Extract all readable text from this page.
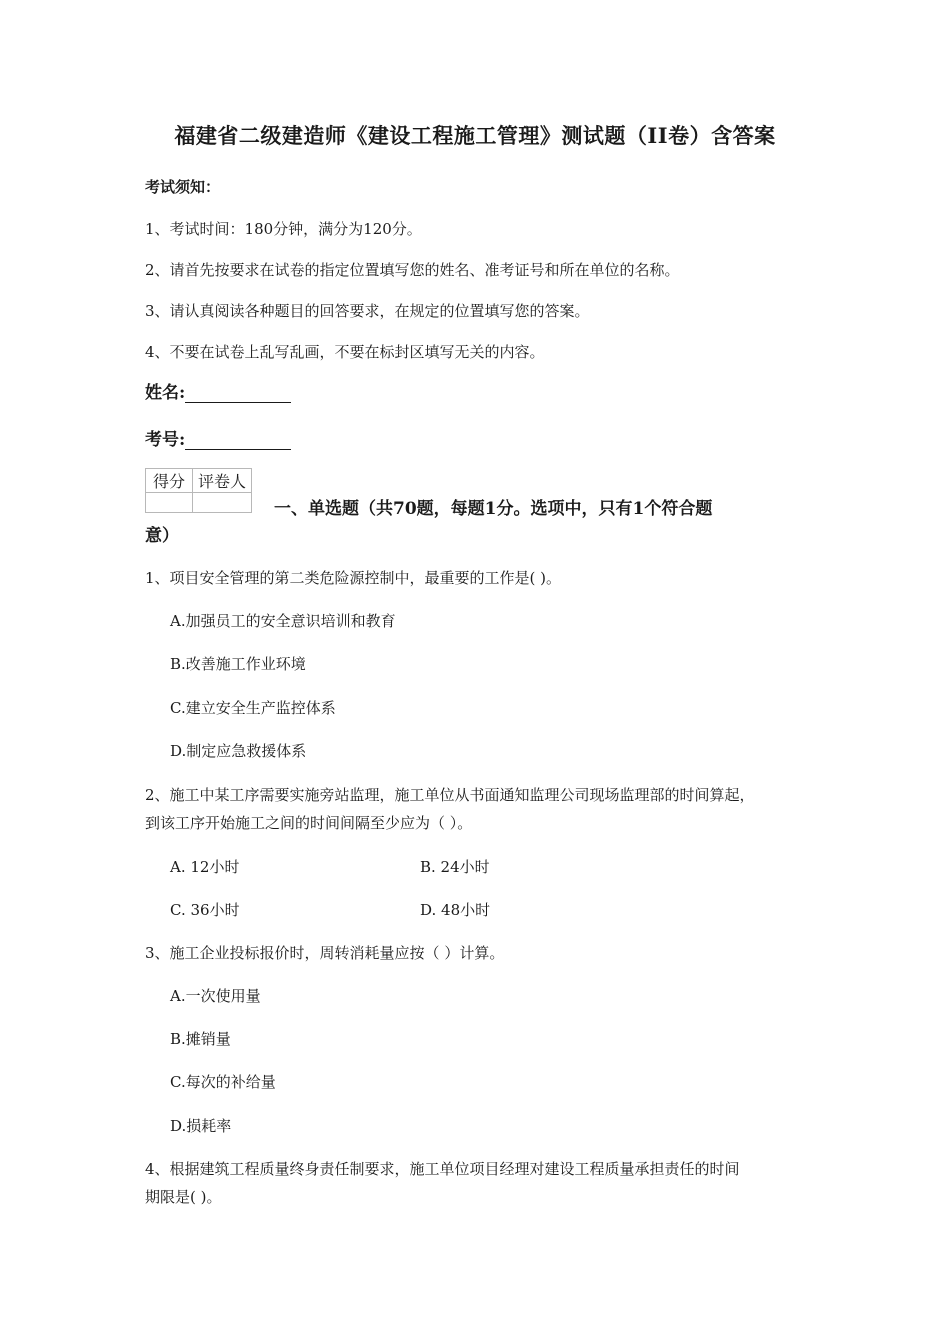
福建省二级建造师《建设工程施工管理》测试题（II卷）含答案
考试须知：
1、考试时间：180分钟，满分为120分。
2、请首先按要求在试卷的指定位置填写您的姓名、准考证号和所在单位的名称。
3、请认真阅读各种题目的回答要求，在规定的位置填写您的答案。
4、不要在试卷上乱写乱画，不要在标封区填写无关的内容。
姓名:
考号:
得分	评卷人

一、单选题（共70题，每题1分。选项中，只有1个符合题
意）
1、项目安全管理的第二类危险源控制中，最重要的工作是( )。
A.加强员工的安全意识培训和教育
B.改善施工作业环境
C.建立安全生产监控体系
D.制定应急救援体系
2、施工中某工序需要实施旁站监理，施工单位从书面通知监理公司现场监理部的时间算起，
到该工序开始施工之间的时间间隔至少应为（ ）。
A. 12小时	B. 24小时
C. 36小时	D. 48小时
3、施工企业投标报价时，周转消耗量应按（ ）计算。
A.一次使用量
B.摊销量
C.每次的补给量
D.损耗率
4、根据建筑工程质量终身责任制要求，施工单位项目经理对建设工程质量承担责任的时间
期限是( )。
